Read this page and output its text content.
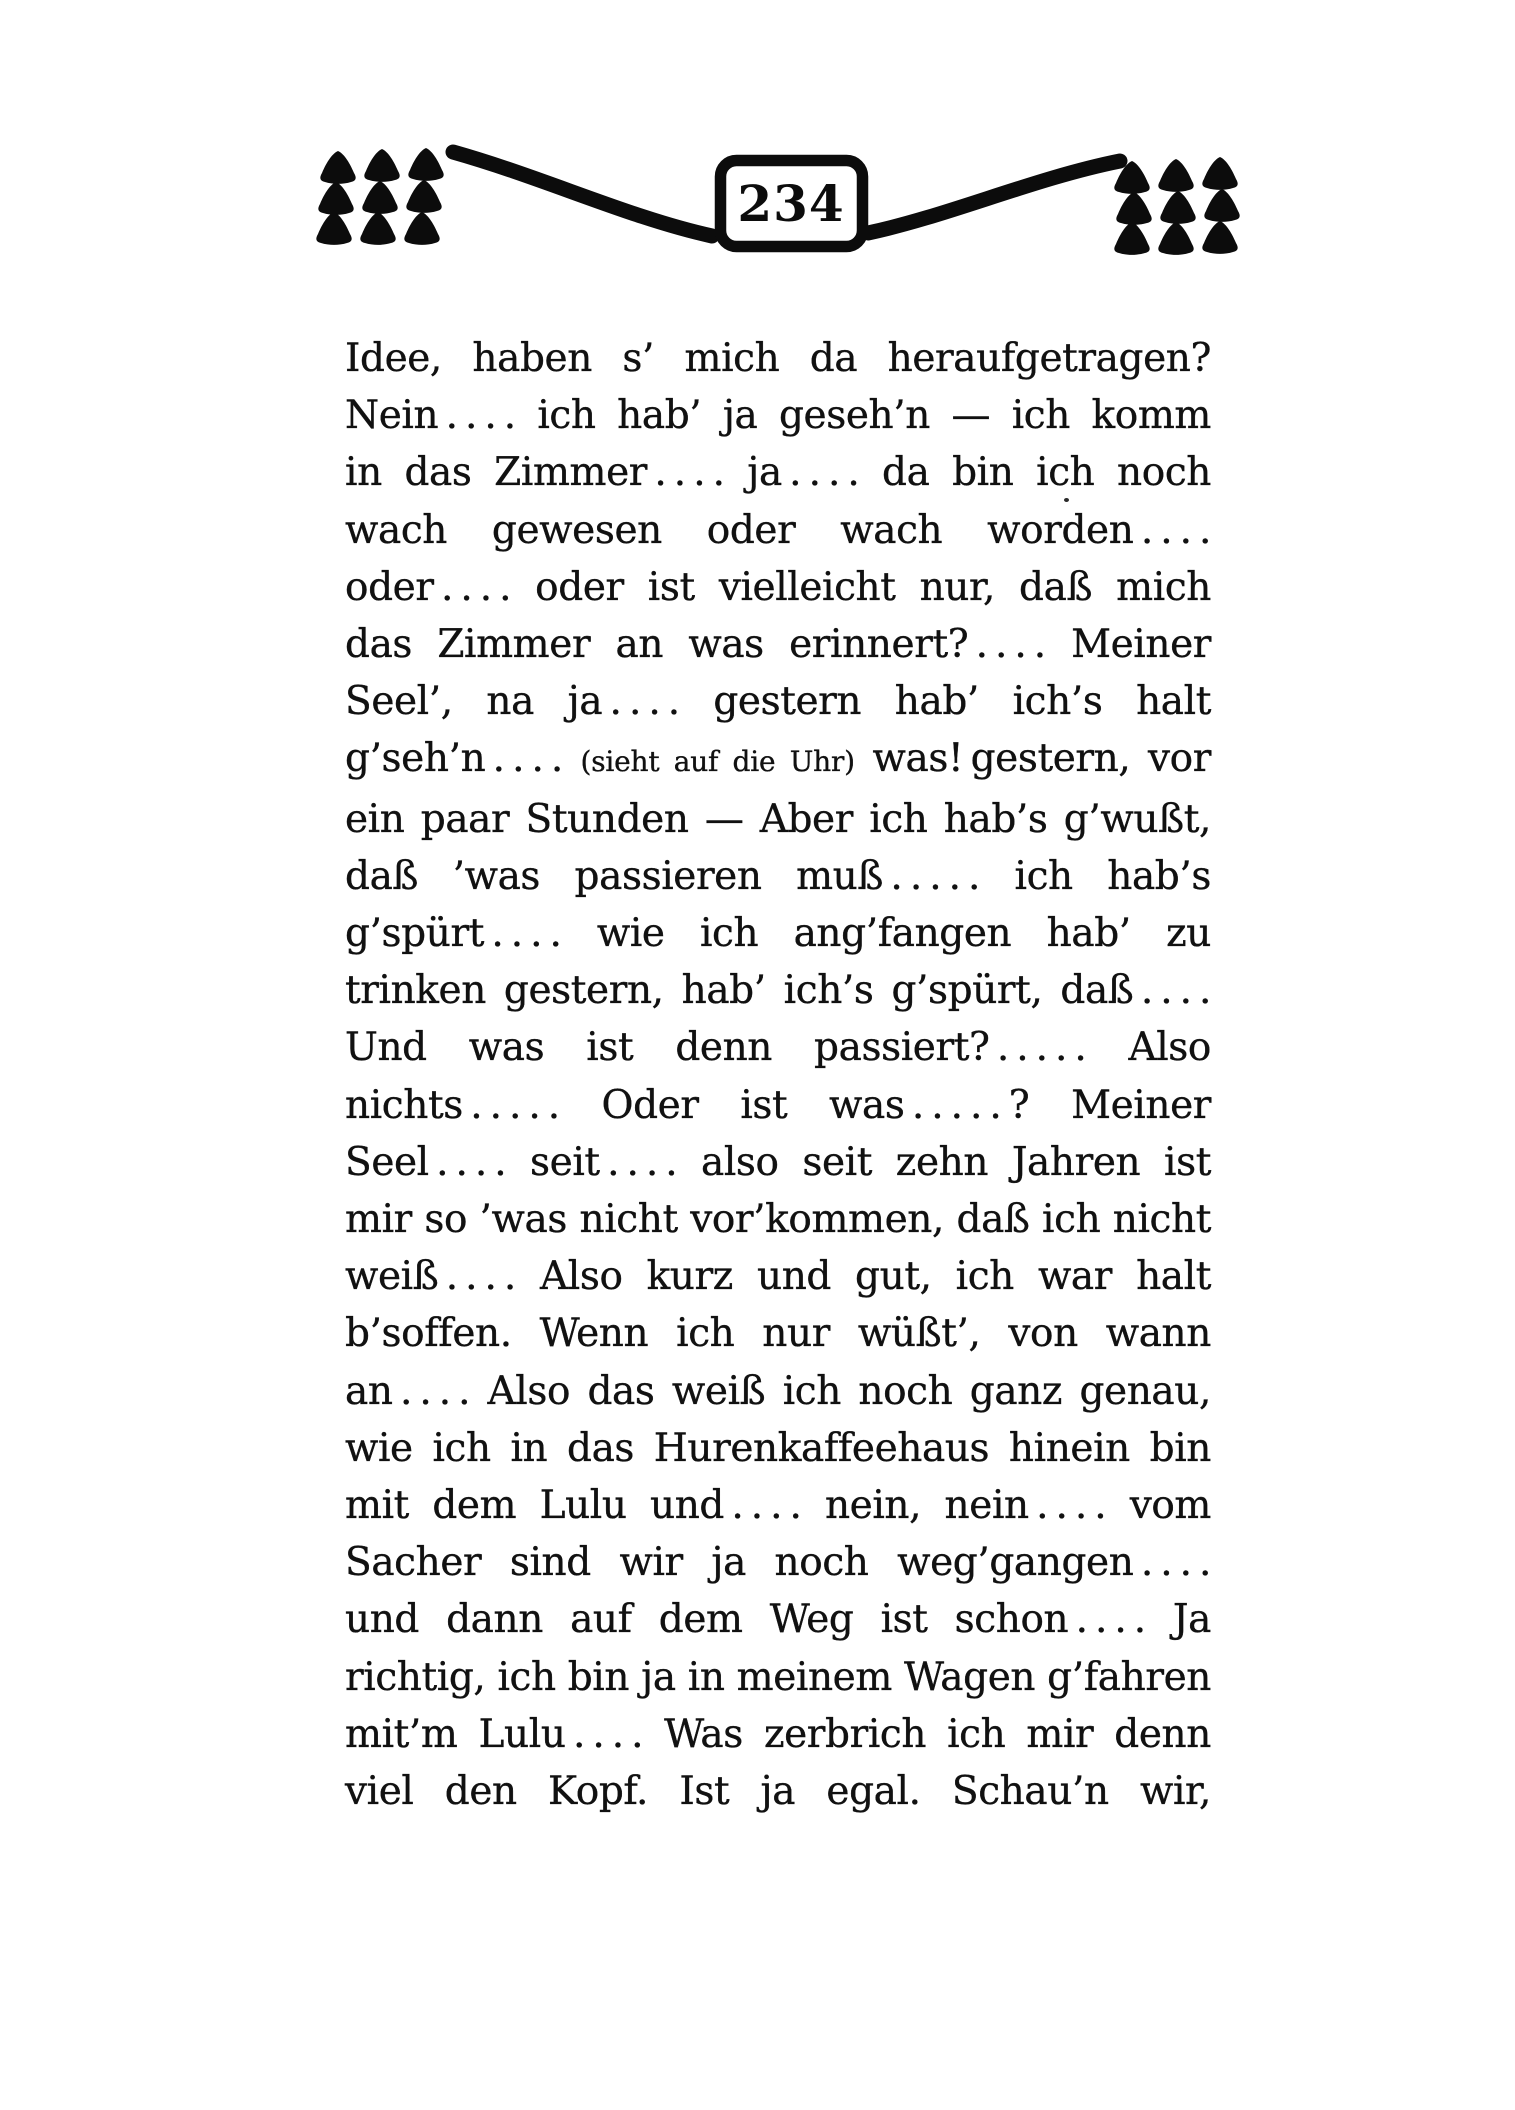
234
Idee, haben s’ mich da heraufgetragen?
Nein . . . . ich hab’ ja geseh’n — ich komm
in das Zimmer . . . . ja . . . . da bin ich noch
wach gewesen oder wach worden . . . .
oder . . . . oder ist vielleicht nur, daß mich
das Zimmer an was erinnert? . . . . Meiner
Seel’, na ja . . . . gestern hab’ ich’s halt
g’seh’n . . . . (sieht auf die Uhr) was! gestern, vor
ein paar Stunden — Aber ich hab’s g’wußt,
daß ’was passieren muß . . . . . ich hab’s
g’spürt . . . . wie ich ang’fangen hab’ zu
trinken gestern, hab’ ich’s g’spürt, daß . . . .
Und was ist denn passiert? . . . . . Also
nichts . . . . . Oder ist was . . . . . ? Meiner
Seel . . . . seit . . . . also seit zehn Jahren ist
mir so ’was nicht vor’kommen, daß ich nicht
weiß . . . . Also kurz und gut, ich war halt
b’soffen. Wenn ich nur wüßt’, von wann
an . . . . Also das weiß ich noch ganz genau,
wie ich in das Hurenkaffeehaus hinein bin
mit dem Lulu und . . . . nein, nein . . . . vom
Sacher sind wir ja noch weg’gangen . . . .
und dann auf dem Weg ist schon . . . . Ja
richtig, ich bin ja in meinem Wagen g’fahren
mit’m Lulu . . . . Was zerbrich ich mir denn
viel den Kopf. Ist ja egal. Schau’n wir,
